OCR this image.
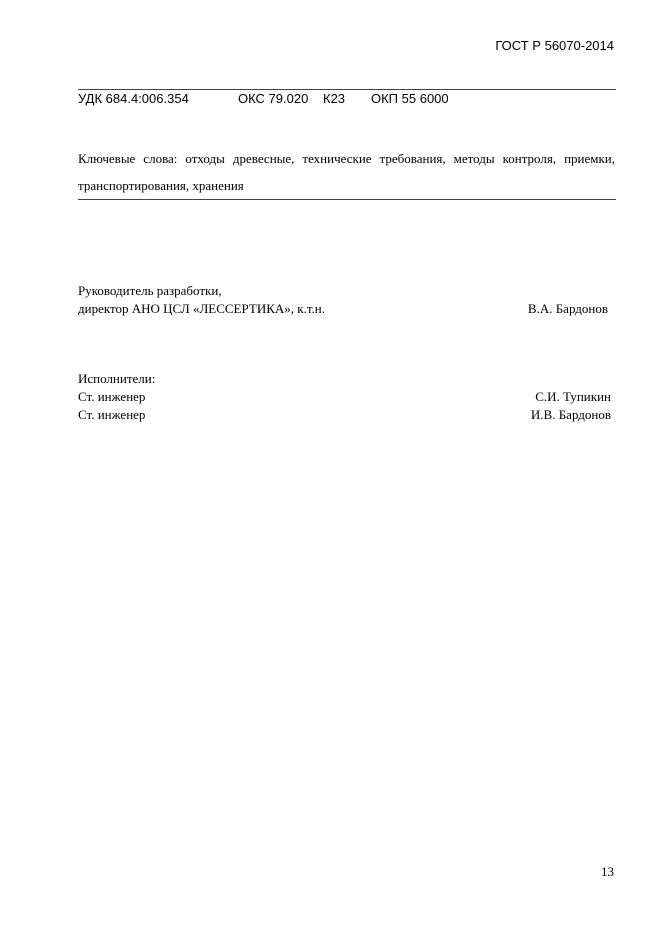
ГОСТ Р 56070-2014
УДК 684.4:006.354	ОКС 79.020 К23 ОКП 55 6000
Ключевые слова: отходы древесные, технические требования, методы контроля, приемки, транспортирования, хранения
Руководитель разработки,
директор АНО ЦСЛ «ЛЕССЕРТИКА», к.т.н.	В.А. Бардонов
Исполнители:
Ст. инженер	С.И. Тупикин
Ст. инженер	И.В. Бардонов
13
